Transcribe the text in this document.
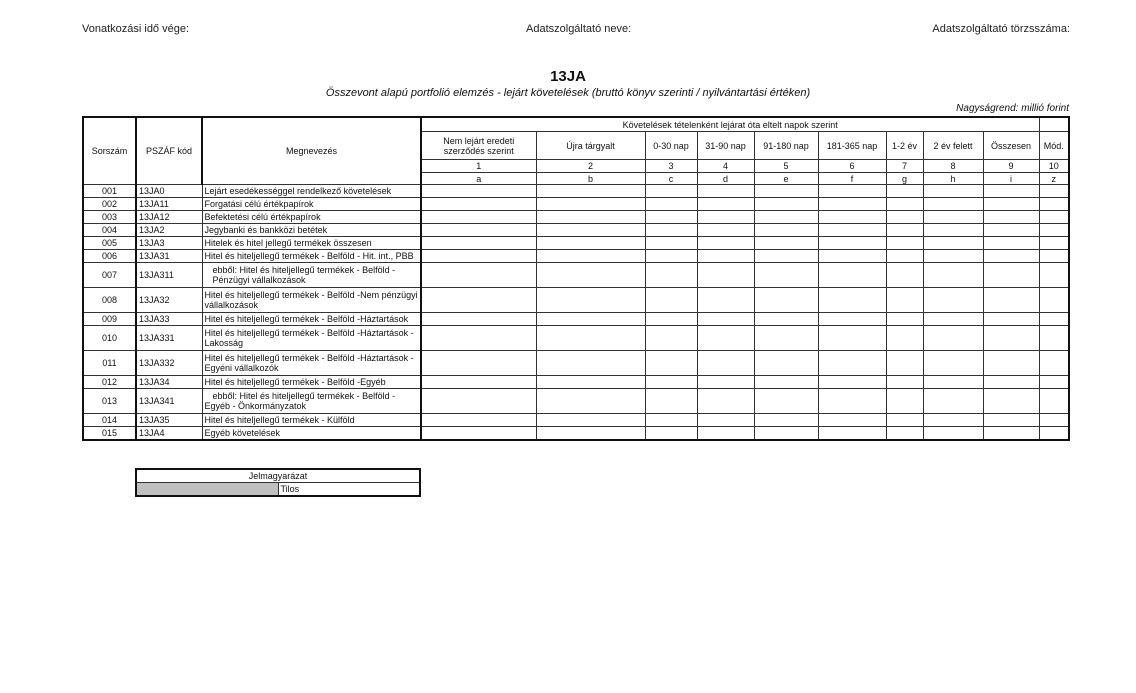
Vonatkozási idő vége:	Adatszolgáltató neve:	Adatszolgáltató törzsszáma:
13JA
Összevont alapú portfolió elemzés - lejárt követelések (bruttó könyv szerinti / nyilvántartási értéken)
Nagyságrend: millió forint
Sorszám	PSZÁF kód	Megnevezés	Követelések tételenként lejárat óta eltelt napok szerint									
			Nem lejárt eredeti szerződés szerint	Újra tárgyalt	0-30 nap	31-90 nap	91-180 nap	181-365 nap	1-2 év	2 év felett	Összesen	Mód.
			1	2	3	4	5	6	7	8	9	10
			a	b	c	d	e	f	g	h	i	z
001	13JA0	Lejárt esedékességgel rendelkező követelések										
002	13JA11	Forgatási célú értékpapírok										
003	13JA12	Befektetési célú értékpapírok										
004	13JA2	Jegybanki és bankközi betétek										
005	13JA3	Hitelek és hitel jellegű termékek összesen										
006	13JA31	Hitel és hiteljellegű termékek - Belföld - Hit. int., PBB										
007	13JA311	ebből: Hitel és hiteljellegű termékek - Belföld -
Pénzügyi vállalkozások										

008	13JA32	Hitel és hiteljellegű termékek - Belföld -Nem pénzügyi
vállalkozások										

009	13JA33	Hitel és hiteljellegű termékek - Belföld -Háztartások										
010	13JA331	Hitel és hiteljellegű termékek - Belföld -Háztartások -
Lakosság										

011	13JA332	Hitel és hiteljellegű termékek - Belföld -Háztartások -
Egyéni vállalkozók										

012	13JA34	Hitel és hiteljellegű termékek - Belföld -Egyéb										
013	13JA341	ebből: Hitel és hiteljellegű termékek - Belföld -
Egyéb - Önkormányzatok										

014	13JA35	Hitel és hiteljellegű termékek - Külföld										
015	13JA4	Egyéb követelések										
Jelmagyarázat
	Tilos
